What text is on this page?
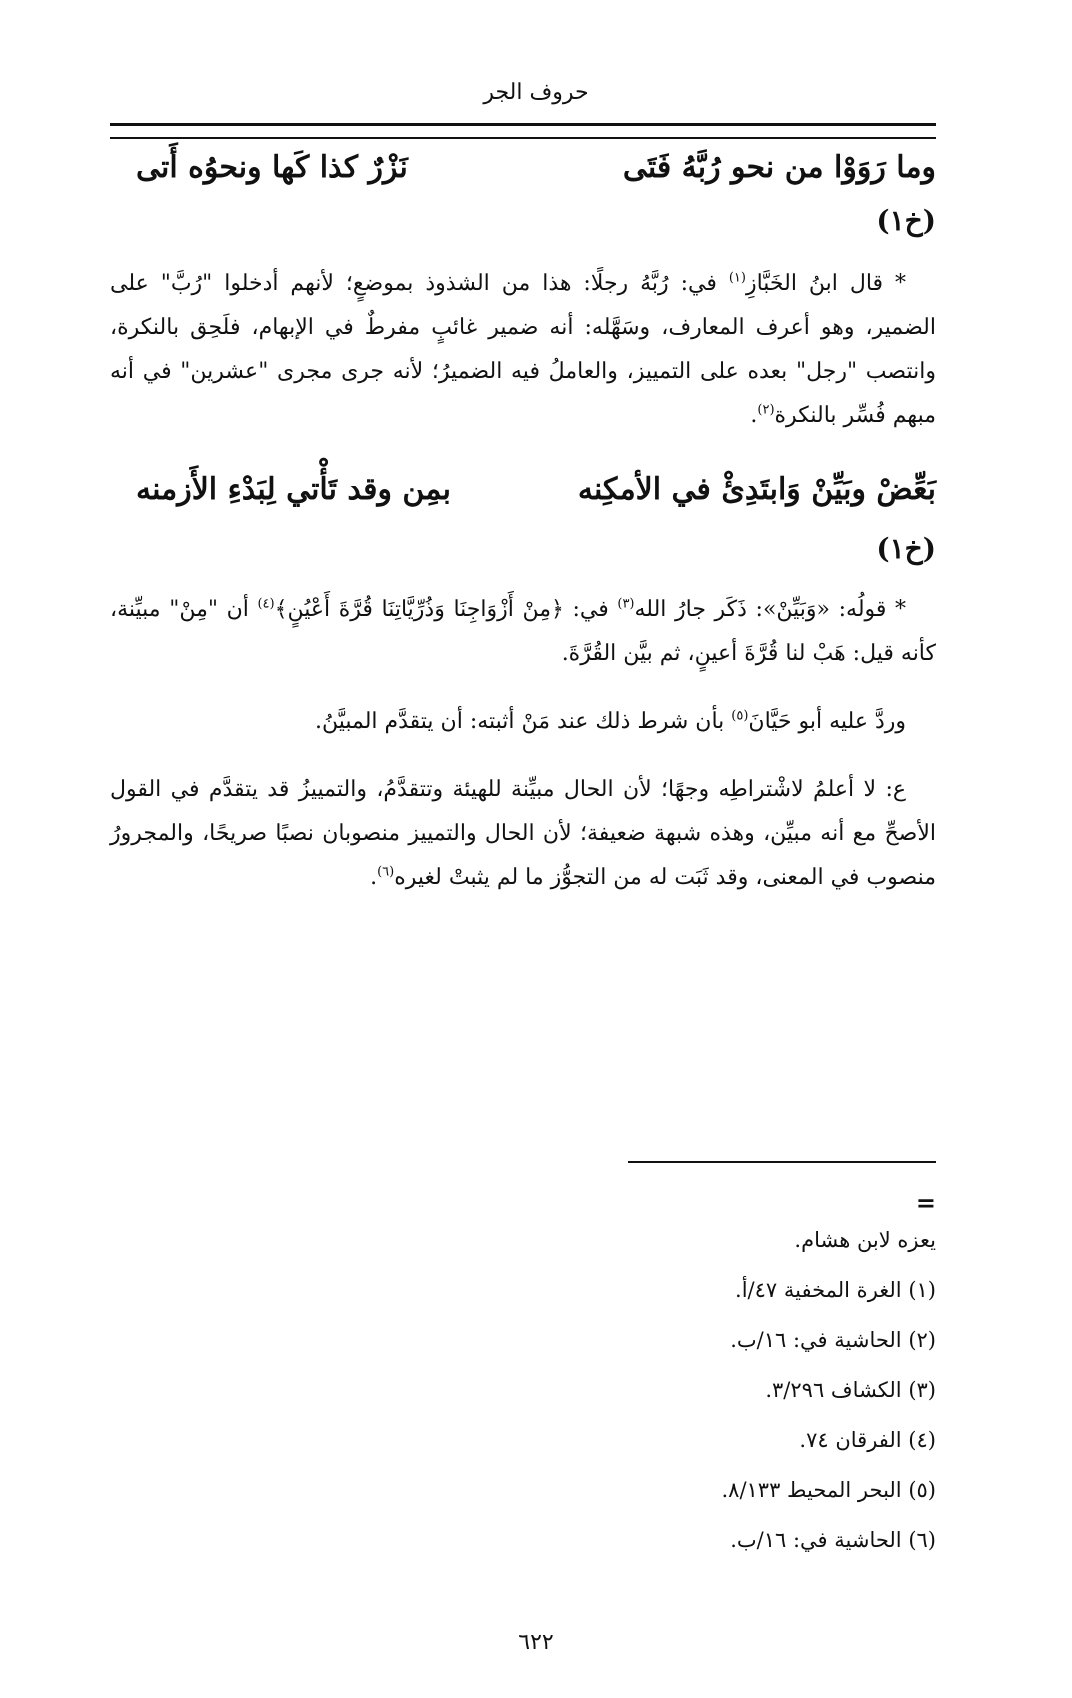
حروف الجر
وما رَوَوْا من نحو رُبَّهُ فَتَى
نَزْرٌ كذا كَها ونحوُه أَتى
(خ١)
* قال ابنُ الخَبَّازِ$^{(١)}$ في: رُبَّهُ رجلًا: هذا من الشذوذ بموضعٍ؛ لأنهم أدخلوا "رُبَّ" على الضمير، وهو أعرف المعارف، وسَهَّله: أنه ضمير غائبٍ مفرطٌ في الإبهام، فلَحِق بالنكرة، وانتصب "رجل" بعده على التمييز، والعاملُ فيه الضميرُ؛ لأنه جرى مجرى "عشرين" في أنه مبهم فُسِّر بالنكرة$^{(٢)}$.
بَعِّضْ وبَيِّنْ وَابتَدِئْ في الأمكِنه
بمِن وقد تَأْتي لِبَدْءِ الأَزمنه
(خ١)
* قولُه: «وَبَيِّنْ»: ذَكَر جارُ الله$^{(٣)}$ في: ﴿مِنْ أَزْوَاجِنَا وَذُرِّيَّاتِنَا قُرَّةَ أَعْيُنٍ﴾$^{(٤)}$ أن "مِنْ" مبيِّنة، كأنه قيل: هَبْ لنا قُرَّةَ أعينٍ، ثم بيَّن القُرَّةَ.
وردَّ عليه أبو حَيَّانَ$^{(٥)}$ بأن شرط ذلك عند مَنْ أثبته: أن يتقدَّم المبيَّنُ.
ع: لا أعلمُ لاشْتراطِه وجهًا؛ لأن الحال مبيِّنة للهيئة وتتقدَّمُ، والتمييزُ قد يتقدَّم في القول الأصحِّ مع أنه مبيِّن، وهذه شبهة ضعيفة؛ لأن الحال والتمييز منصوبان نصبًا صريحًا، والمجرورُ منصوب في المعنى، وقد ثَبَت له من التجوُّز ما لم يثبتْ لغيره$^{(٦)}$.
=
يعزه لابن هشام.
(١) الغرة المخفية ٤٧/أ.
(٢) الحاشية في: ١٦/ب.
(٣) الكشاف ٣/٢٩٦.
(٤) الفرقان ٧٤.
(٥) البحر المحيط ٨/١٣٣.
(٦) الحاشية في: ١٦/ب.
٦٢٢
